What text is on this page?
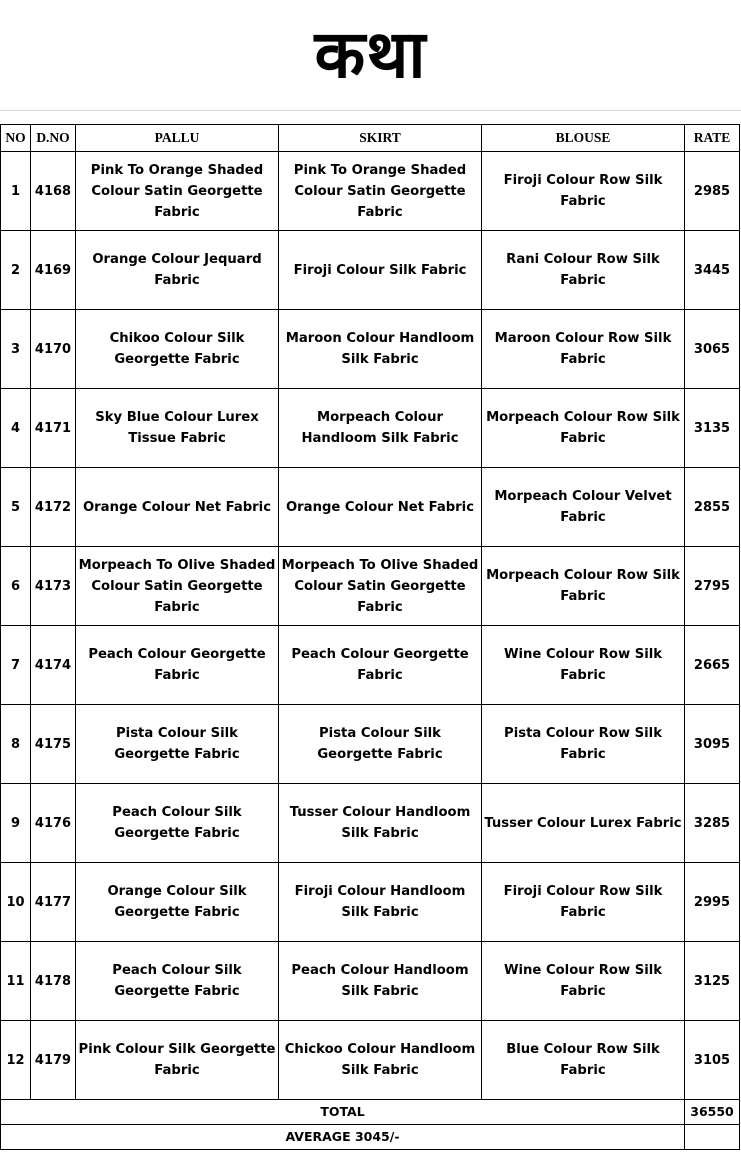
कथा
NO	D.NO	PALLU	SKIRT	BLOUSE	RATE
1	4168	Pink To Orange Shaded Colour Satin Georgette Fabric	Pink To Orange Shaded Colour Satin Georgette Fabric	Firoji Colour Row Silk Fabric	2985
2	4169	Orange Colour Jequard Fabric	Firoji Colour Silk Fabric	Rani Colour Row Silk Fabric	3445
3	4170	Chikoo Colour Silk Georgette Fabric	Maroon Colour Handloom Silk Fabric	Maroon Colour Row Silk Fabric	3065
4	4171	Sky Blue Colour Lurex Tissue Fabric	Morpeach Colour Handloom Silk Fabric	Morpeach Colour Row Silk Fabric	3135
5	4172	Orange Colour Net Fabric	Orange Colour Net Fabric	Morpeach Colour Velvet Fabric	2855
6	4173	Morpeach To Olive Shaded Colour Satin Georgette Fabric	Morpeach To Olive Shaded Colour Satin Georgette Fabric	Morpeach Colour Row Silk Fabric	2795
7	4174	Peach Colour Georgette Fabric	Peach Colour Georgette Fabric	Wine Colour Row Silk Fabric	2665
8	4175	Pista Colour Silk Georgette Fabric	Pista Colour Silk Georgette Fabric	Pista Colour Row Silk Fabric	3095
9	4176	Peach Colour Silk Georgette Fabric	Tusser Colour Handloom Silk Fabric	Tusser Colour Lurex Fabric	3285
10	4177	Orange Colour Silk Georgette Fabric	Firoji Colour Handloom Silk Fabric	Firoji Colour Row Silk Fabric	2995
11	4178	Peach Colour Silk Georgette Fabric	Peach Colour Handloom Silk Fabric	Wine Colour Row Silk Fabric	3125
12	4179	Pink Colour Silk Georgette Fabric	Chickoo Colour Handloom Silk Fabric	Blue Colour Row Silk Fabric	3105
TOTAL					36550
AVERAGE 3045/-					
